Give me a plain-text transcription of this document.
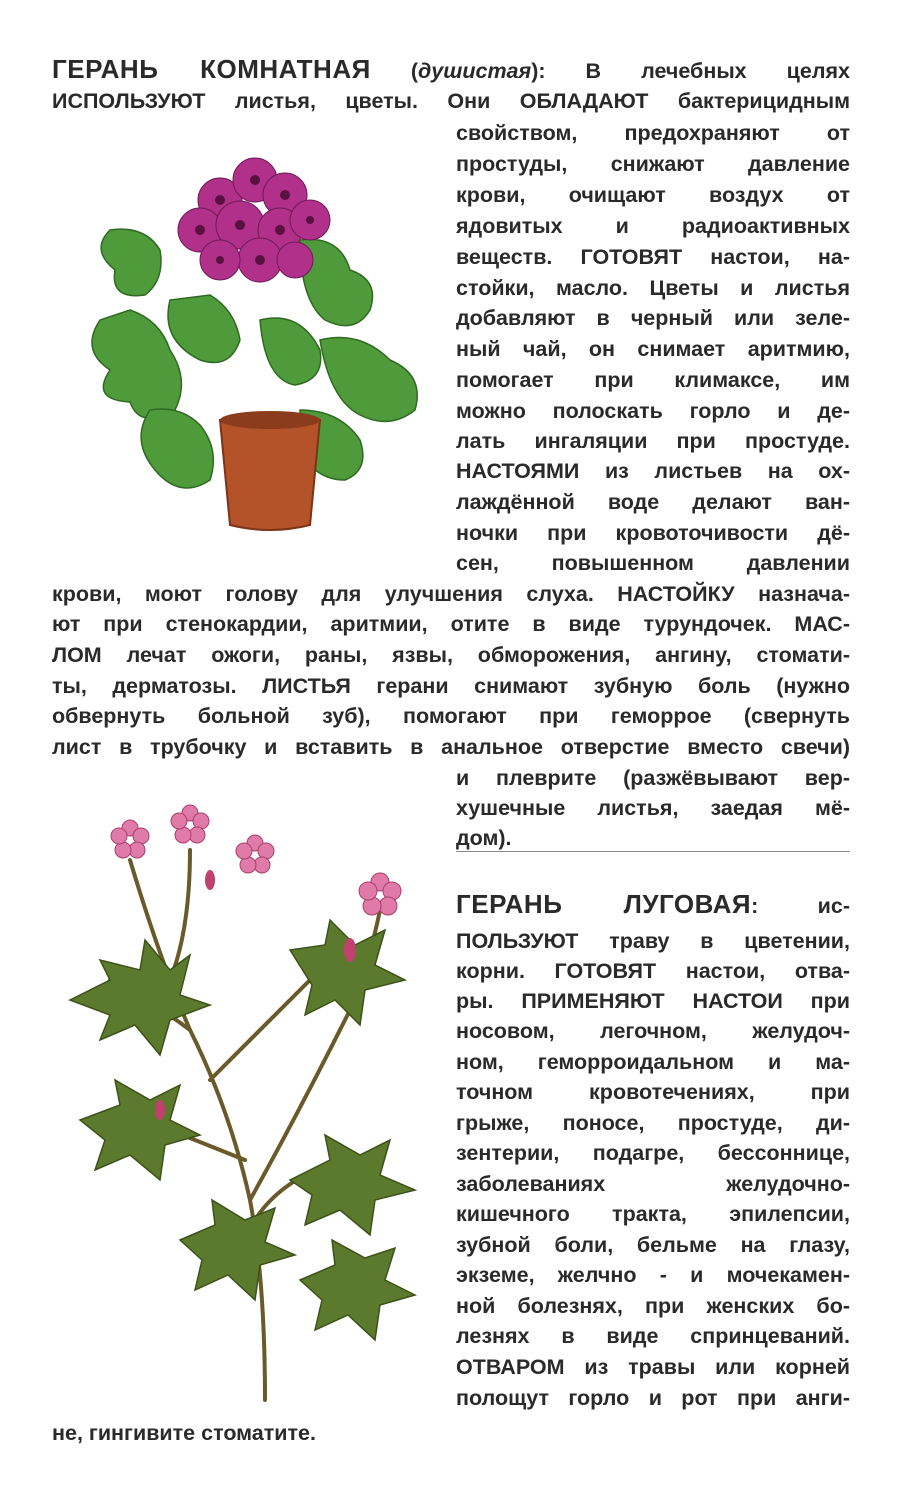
ГЕРАНЬ КОМНАТНАЯ (душистая): В лечебных целях
ИСПОЛЬЗУЮТ листья, цветы. Они ОБЛАДАЮТ бактерицидным
свойством, предохраняют от
простуды, снижают давление
крови, очищают воздух от
ядовитых и радиоактивных
веществ. ГОТОВЯТ настои, на-
стойки, масло. Цветы и листья
добавляют в черный или зеле-
ный чай, он снимает аритмию,
помогает при климаксе, им
можно полоскать горло и де-
лать ингаляции при простуде.
НАСТОЯМИ из листьев на ох-
лаждённой воде делают ван-
ночки при кровоточивости дё-
сен, повышенном давлении
крови, моют голову для улучшения слуха. НАСТОЙКУ назнача-
ют при стенокардии, аритмии, отите в виде турундочек. МАС-
ЛОМ лечат ожоги, раны, язвы, обморожения, ангину, стомати-
ты, дерматозы. ЛИСТЬЯ герани снимают зубную боль (нужно
обвернуть больной зуб), помогают при геморрое (свернуть
лист в трубочку и вставить в анальное отверстие вместо свечи)
и плеврите (разжёвывают вер-
хушечные листья, заедая мё-
дом).
ГЕРАНЬ ЛУГОВАЯ: ис-
ПОЛЬЗУЮТ траву в цветении,
корни. ГОТОВЯТ настои, отва-
ры. ПРИМЕНЯЮТ НАСТОИ при
носовом, легочном, желудоч-
ном, геморроидальном и ма-
точном кровотечениях, при
грыже, поносе, простуде, ди-
зентерии, подагре, бессоннице,
заболеваниях желудочно-
кишечного тракта, эпилепсии,
зубной боли, бельме на глазу,
экземе, желчно - и мочекамен-
ной болезнях, при женских бо-
лезнях в виде спринцеваний.
ОТВАРОМ из травы или корней
полощут горло и рот при анги-
не, гингивите стоматите.
